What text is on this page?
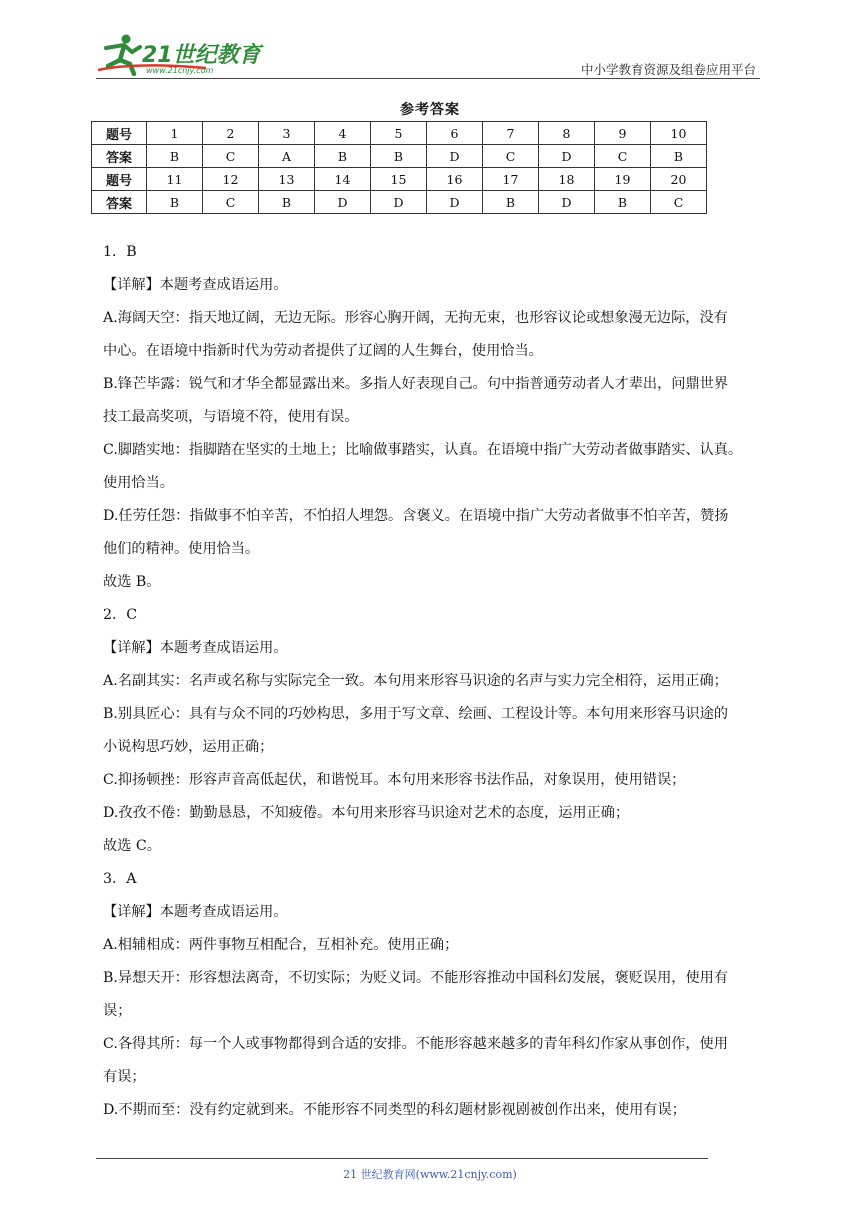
21世纪教育
www.21cnjy.com	中小学教育资源及组卷应用平台
参考答案
题号	1	2	3	4	5	6	7	8	9	10
答案	B	C	A	B	B	D	C	D	C	B
题号	11	12	13	14	15	16	17	18	19	20
答案	B	C	B	D	D	D	B	D	B	C
1．B
【详解】本题考查成语运用。
A.海阔天空：指天地辽阔，无边无际。形容心胸开阔，无拘无束，也形容议论或想象漫无边际，没有
中心。在语境中指新时代为劳动者提供了辽阔的人生舞台，使用恰当。
B.锋芒毕露：锐气和才华全都显露出来。多指人好表现自己。句中指普通劳动者人才辈出，问鼎世界
技工最高奖项，与语境不符，使用有误。
C.脚踏实地：指脚踏在坚实的土地上；比喻做事踏实，认真。在语境中指广大劳动者做事踏实、认真。
使用恰当。
D.任劳任怨：指做事不怕辛苦，不怕招人埋怨。含褒义。在语境中指广大劳动者做事不怕辛苦，赞扬
他们的精神。使用恰当。
故选 B。
2．C
【详解】本题考查成语运用。
A.名副其实：名声或名称与实际完全一致。本句用来形容马识途的名声与实力完全相符，运用正确；
B.别具匠心：具有与众不同的巧妙构思，多用于写文章、绘画、工程设计等。本句用来形容马识途的
小说构思巧妙，运用正确；
C.抑扬顿挫：形容声音高低起伏，和谐悦耳。本句用来形容书法作品，对象误用，使用错误；
D.孜孜不倦：勤勤恳恳，不知疲倦。本句用来形容马识途对艺术的态度，运用正确；
故选 C。
3．A
【详解】本题考查成语运用。
A.相辅相成：两件事物互相配合，互相补充。使用正确；
B.异想天开：形容想法离奇，不切实际；为贬义词。不能形容推动中国科幻发展，褒贬误用，使用有
误；
C.各得其所：每一个人或事物都得到合适的安排。不能形容越来越多的青年科幻作家从事创作，使用
有误；
D.不期而至：没有约定就到来。不能形容不同类型的科幻题材影视剧被创作出来，使用有误；
21 世纪教育网(www.21cnjy.com)
